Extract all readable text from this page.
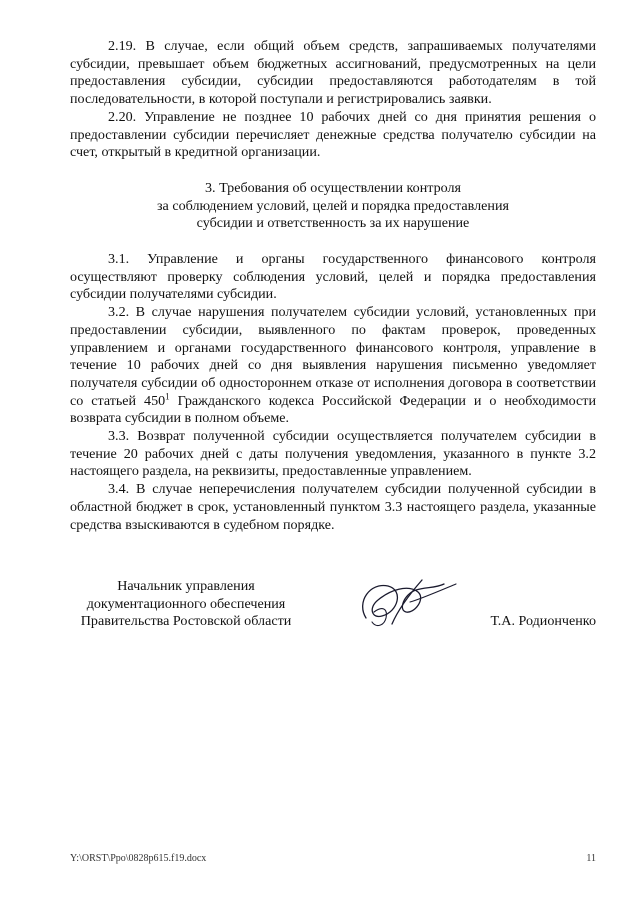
2.19. В случае, если общий объем средств, запрашиваемых получателями субсидии, превышает объем бюджетных ассигнований, предусмотренных на цели предоставления субсидии, субсидии предоставляются работодателям в той последовательности, в которой поступали и регистрировались заявки.

2.20. Управление не позднее 10 рабочих дней со дня принятия решения о предоставлении субсидии перечисляет денежные средства получателю субсидии на счет, открытый в кредитной организации.

3. Требования об осуществлении контроля
за соблюдением условий, целей и порядка предоставления
субсидии и ответственность за их нарушение

3.1. Управление и органы государственного финансового контроля осуществляют проверку соблюдения условий, целей и порядка предоставления субсидии получателями субсидии.

3.2. В случае нарушения получателем субсидии условий, установленных при предоставлении субсидии, выявленного по фактам проверок, проведенных управлением и органами государственного финансового контроля, управление в течение 10 рабочих дней со дня выявления нарушения письменно уведомляет получателя субсидии об одностороннем отказе от исполнения договора в соответствии со статьей $450^1$ Гражданского кодекса Российской Федерации и о необходимости возврата субсидии в полном объеме.

3.3. Возврат полученной субсидии осуществляется получателем субсидии в течение 20 рабочих дней с даты получения уведомления, указанного в пункте 3.2 настоящего раздела, на реквизиты, предоставленные управлением.

3.4. В случае неперечисления получателем субсидии полученной субсидии в областной бюджет в срок, установленный пунктом 3.3 настоящего раздела, указанные средства взыскиваются в судебном порядке.

Начальник управления
документационного обеспечения
Правительства Ростовской области	Т.А. Родионченко
Y:\ORST\Ppo\0828p615.f19.docx	11
